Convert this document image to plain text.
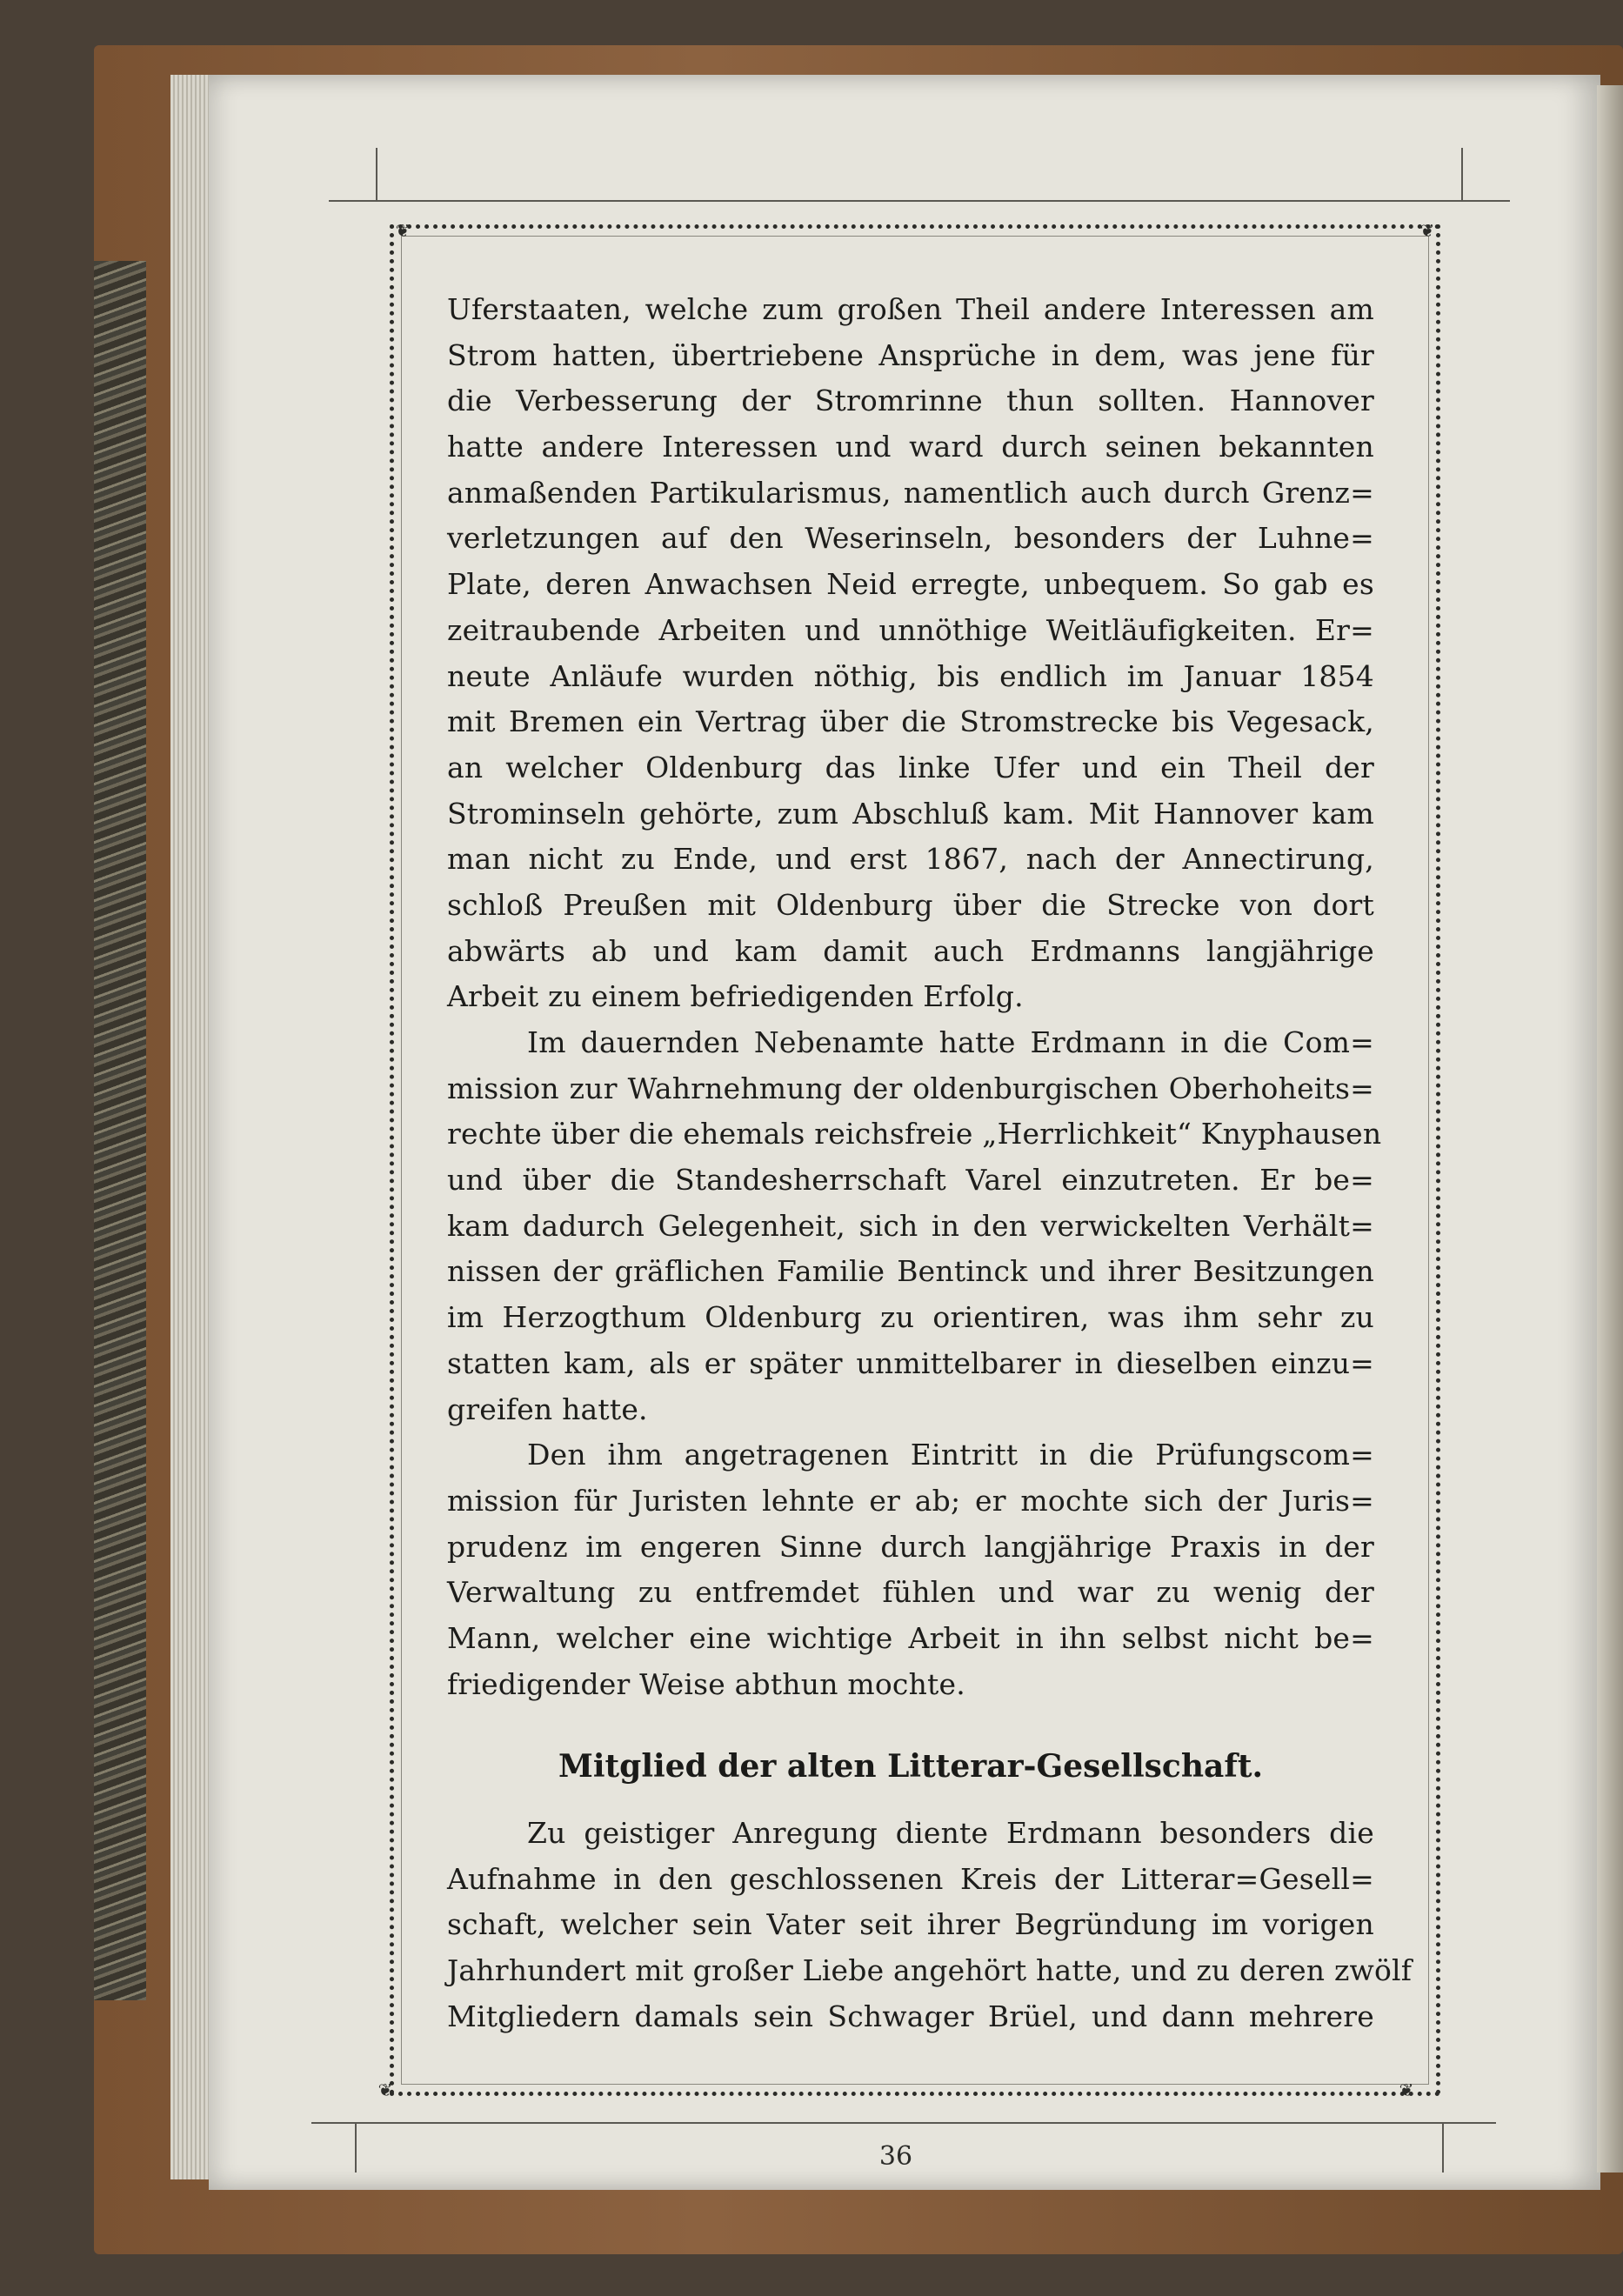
❦	❦
❦	❦
Uferstaaten, welche zum großen Theil andere Interessen am
Strom hatten, übertriebene Ansprüche in dem, was jene für
die Verbesserung der Stromrinne thun sollten. Hannover
hatte andere Interessen und ward durch seinen bekannten
anmaßenden Partikularismus, namentlich auch durch Grenz=
verletzungen auf den Weserinseln, besonders der Luhne=
Plate, deren Anwachsen Neid erregte, unbequem. So gab es
zeitraubende Arbeiten und unnöthige Weitläufigkeiten. Er=
neute Anläufe wurden nöthig, bis endlich im Januar 1854
mit Bremen ein Vertrag über die Stromstrecke bis Vegesack,
an welcher Oldenburg das linke Ufer und ein Theil der
Strominseln gehörte, zum Abschluß kam. Mit Hannover kam
man nicht zu Ende, und erst 1867, nach der Annectirung,
schloß Preußen mit Oldenburg über die Strecke von dort
abwärts ab und kam damit auch Erdmanns langjährige
Arbeit zu einem befriedigenden Erfolg.
Im dauernden Nebenamte hatte Erdmann in die Com=
mission zur Wahrnehmung der oldenburgischen Oberhoheits=
rechte über die ehemals reichsfreie „Herrlichkeit“ Knyphausen
und über die Standesherrschaft Varel einzutreten. Er be=
kam dadurch Gelegenheit, sich in den verwickelten Verhält=
nissen der gräflichen Familie Bentinck und ihrer Besitzungen
im Herzogthum Oldenburg zu orientiren, was ihm sehr zu
statten kam, als er später unmittelbarer in dieselben einzu=
greifen hatte.
Den ihm angetragenen Eintritt in die Prüfungscom=
mission für Juristen lehnte er ab; er mochte sich der Juris=
prudenz im engeren Sinne durch langjährige Praxis in der
Verwaltung zu entfremdet fühlen und war zu wenig der
Mann, welcher eine wichtige Arbeit in ihn selbst nicht be=
friedigender Weise abthun mochte.
Mitglied der alten Litterar-Gesellschaft.
Zu geistiger Anregung diente Erdmann besonders die
Aufnahme in den geschlossenen Kreis der Litterar=Gesell=
schaft, welcher sein Vater seit ihrer Begründung im vorigen
Jahrhundert mit großer Liebe angehört hatte, und zu deren zwölf
Mitgliedern damals sein Schwager Brüel, und dann mehrere
36
